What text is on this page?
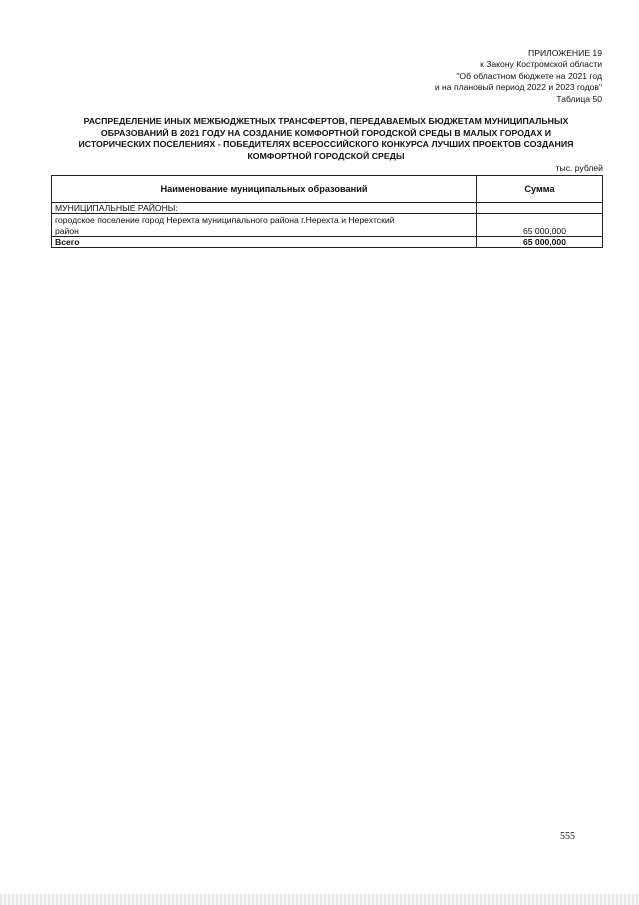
ПРИЛОЖЕНИЕ 19
к Закону Костромской области
"Об областном бюджете на 2021 год
и на плановый период 2022 и 2023 годов"
Таблица 50
РАСПРЕДЕЛЕНИЕ ИНЫХ МЕЖБЮДЖЕТНЫХ ТРАНСФЕРТОВ, ПЕРЕДАВАЕМЫХ БЮДЖЕТАМ МУНИЦИПАЛЬНЫХ
ОБРАЗОВАНИЙ В 2021 ГОДУ НА СОЗДАНИЕ КОМФОРТНОЙ ГОРОДСКОЙ СРЕДЫ В МАЛЫХ ГОРОДАХ И
ИСТОРИЧЕСКИХ ПОСЕЛЕНИЯХ - ПОБЕДИТЕЛЯХ ВСЕРОССИЙСКОГО КОНКУРСА ЛУЧШИХ ПРОЕКТОВ СОЗДАНИЯ
КОМФОРТНОЙ ГОРОДСКОЙ СРЕДЫ
тыс. рублей
Наименование муниципальных образований	Сумма
МУНИЦИПАЛЬНЫЕ РАЙОНЫ:	
городское поселение город Нерехта муниципального района г.Нерехта и Нерехтский
район	65 000,000
Всего	65 000,000
555
